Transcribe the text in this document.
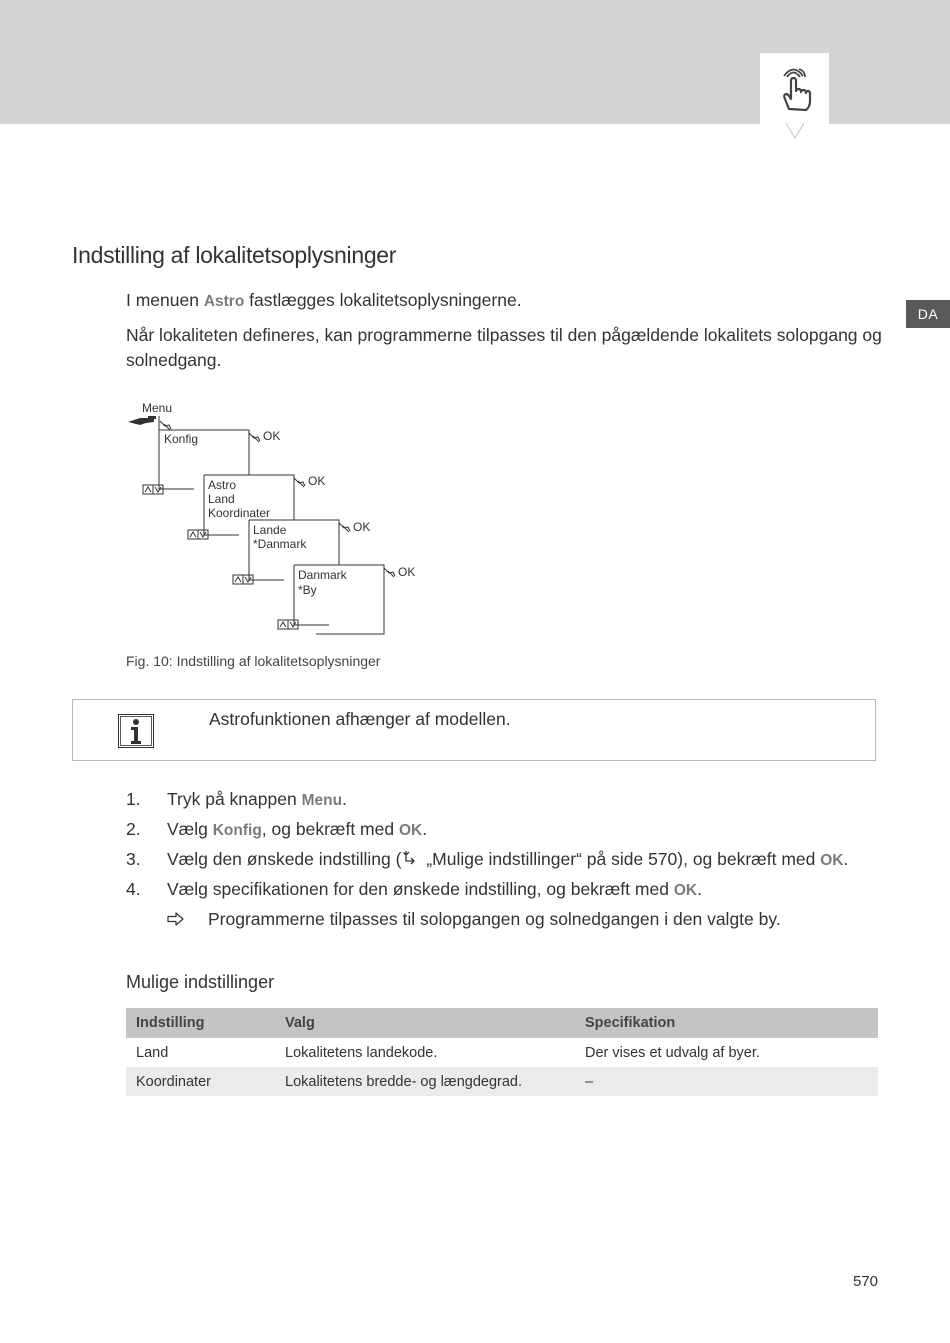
DA
Indstilling af lokalitetsoplysninger

I menuen Astro fastlægges lokalitetsoplysningerne.

Når lokaliteten defineres, kan programmerne tilpasses til den pågældende lokalitets solopgang og

solnedgang.

Menu
Konfig
Astro
Land
Koordinater
Lande
*Danmark
Danmark
*By
OK
OK
OK
OK

Fig. 10: Indstilling af lokalitetsoplysninger

Astrofunktionen afhænger af modellen.
1. Tryk på knappen Menu.
2. Vælg Konfig, og bekræft med OK.
3. Vælg den ønskede indstilling ( „Mulige indstillinger“ på side 570), og bekræft med OK.
4. Vælg specifikationen for den ønskede indstilling, og bekræft med OK.
Programmerne tilpasses til solopgangen og solnedgangen i den valgte by.
Mulige indstillinger
Indstilling	Valg	Specifikation
Land	Lokalitetens landekode.	Der vises et udvalg af byer.
Koordinater	Lokalitetens bredde- og længdegrad.	–
570
